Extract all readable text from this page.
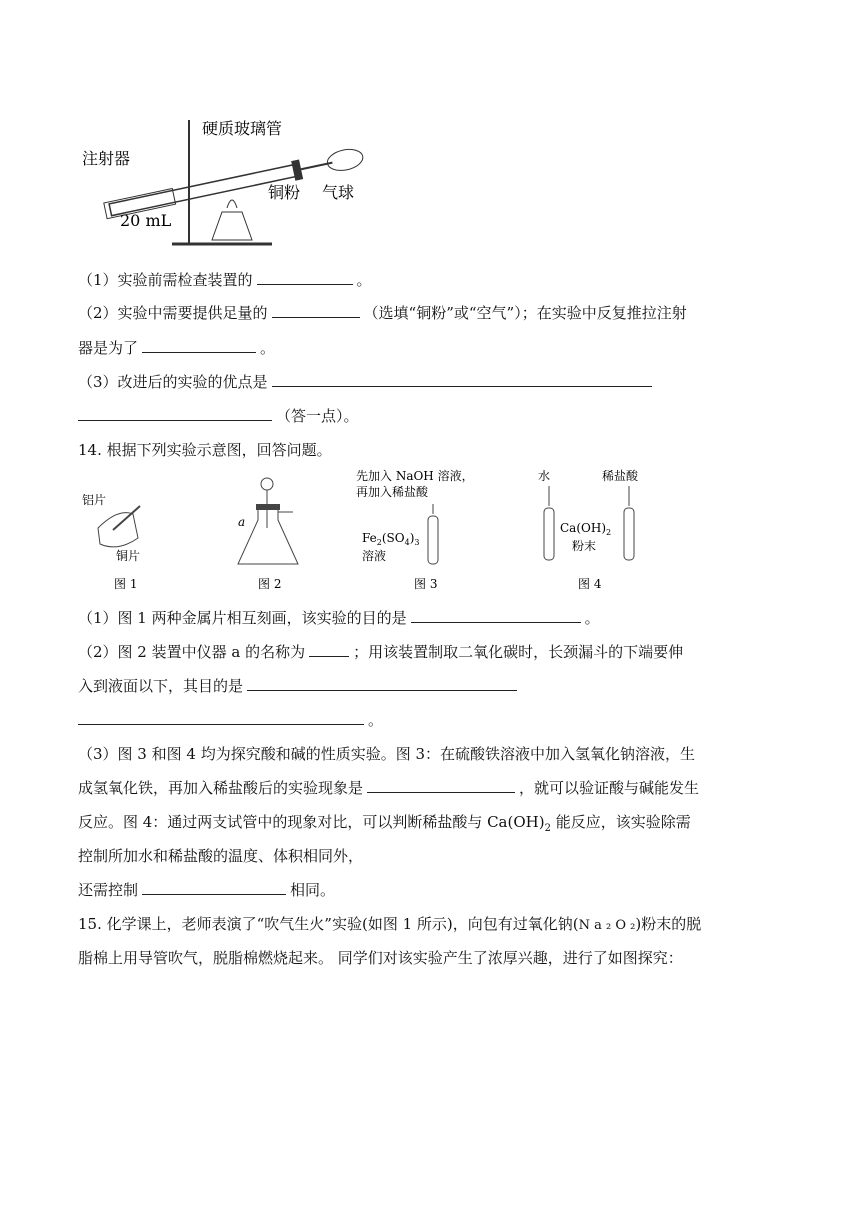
硬质玻璃管
注射器
20 mL
铜粉 气球
（1）实验前需检查装置的	。
（2）实验中需要提供足量的	（选填“铜粉”或“空气”）；在实验中反复推拉注射
器是为了	。
（3）改进后的实验的优点是
（答一点）。
14. 根据下列实验示意图，回答问题。
铝片
铜片
图 1
a
图 2
先加入 NaOH 溶液，
再加入稀盐酸
$Fe_2(SO_4)_3$
溶液
图 3
水	稀盐酸
$Ca(OH)_2$
粉末
图 4
（1）图 1 两种金属片相互刻画，该实验的目的是	。
（2）图 2 装置中仪器 a 的名称为	；用该装置制取二氧化碳时，长颈漏斗的下端要伸
入到液面以下，其目的是
。
（3）图 3 和图 4 均为探究酸和碱的性质实验。图 3：在硫酸铁溶液中加入氢氧化钠溶液，生
成氢氧化铁，再加入稀盐酸后的实验现象是	，就可以验证酸与碱能发生
反应。图 4：通过两支试管中的现象对比，可以判断稀盐酸与 $Ca(OH)_2$ 能反应，该实验除需
控制所加水和稀盐酸的温度、体积相同外，
还需控制	相同。
15. 化学课上，老师表演了“吹气生火”实验(如图 1 所示)，向包有过氧化钠(N a ₂ O ₂)粉末的脱
脂棉上用导管吹气，脱脂棉燃烧起来。 同学们对该实验产生了浓厚兴趣，进行了如图探究：
